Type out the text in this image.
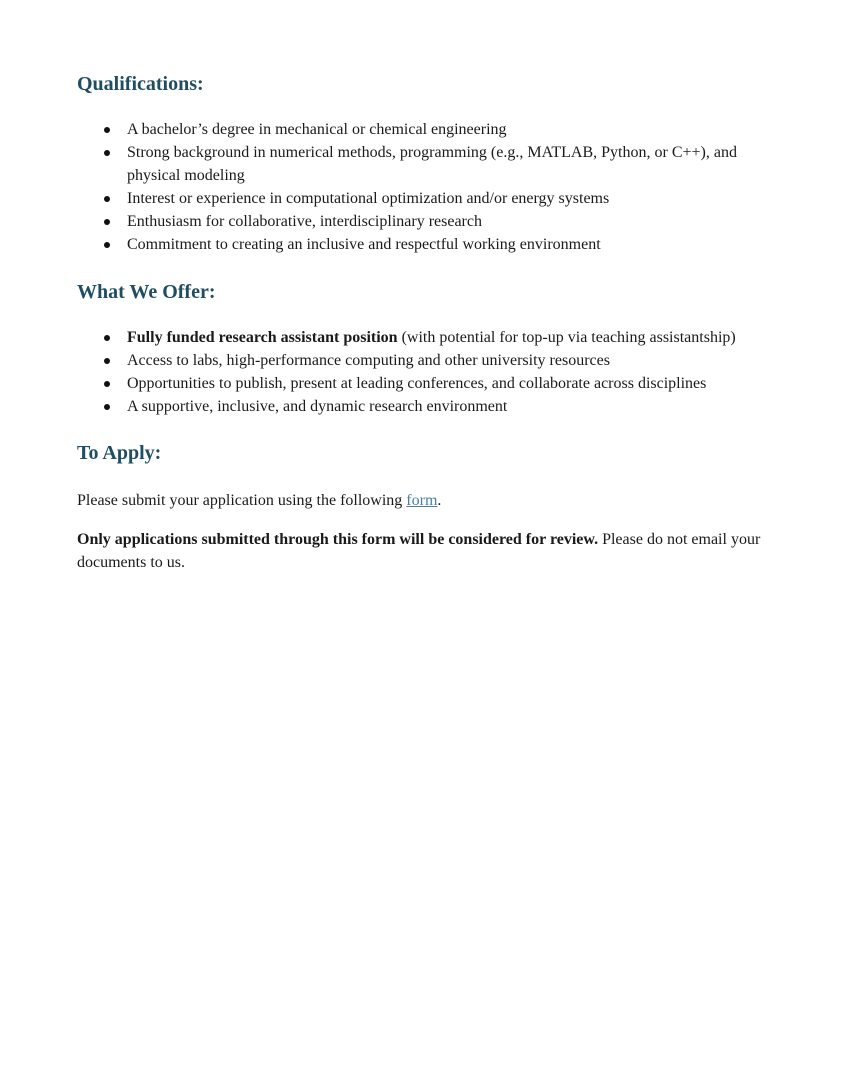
Qualifications:
A bachelor’s degree in mechanical or chemical engineering
Strong background in numerical methods, programming (e.g., MATLAB, Python, or C++), and physical modeling
Interest or experience in computational optimization and/or energy systems
Enthusiasm for collaborative, interdisciplinary research
Commitment to creating an inclusive and respectful working environment
What We Offer:
Fully funded research assistant position (with potential for top-up via teaching assistantship)
Access to labs, high-performance computing and other university resources
Opportunities to publish, present at leading conferences, and collaborate across disciplines
A supportive, inclusive, and dynamic research environment
To Apply:

Please submit your application using the following form.

Only applications submitted through this form will be considered for review. Please do not email your documents to us.
